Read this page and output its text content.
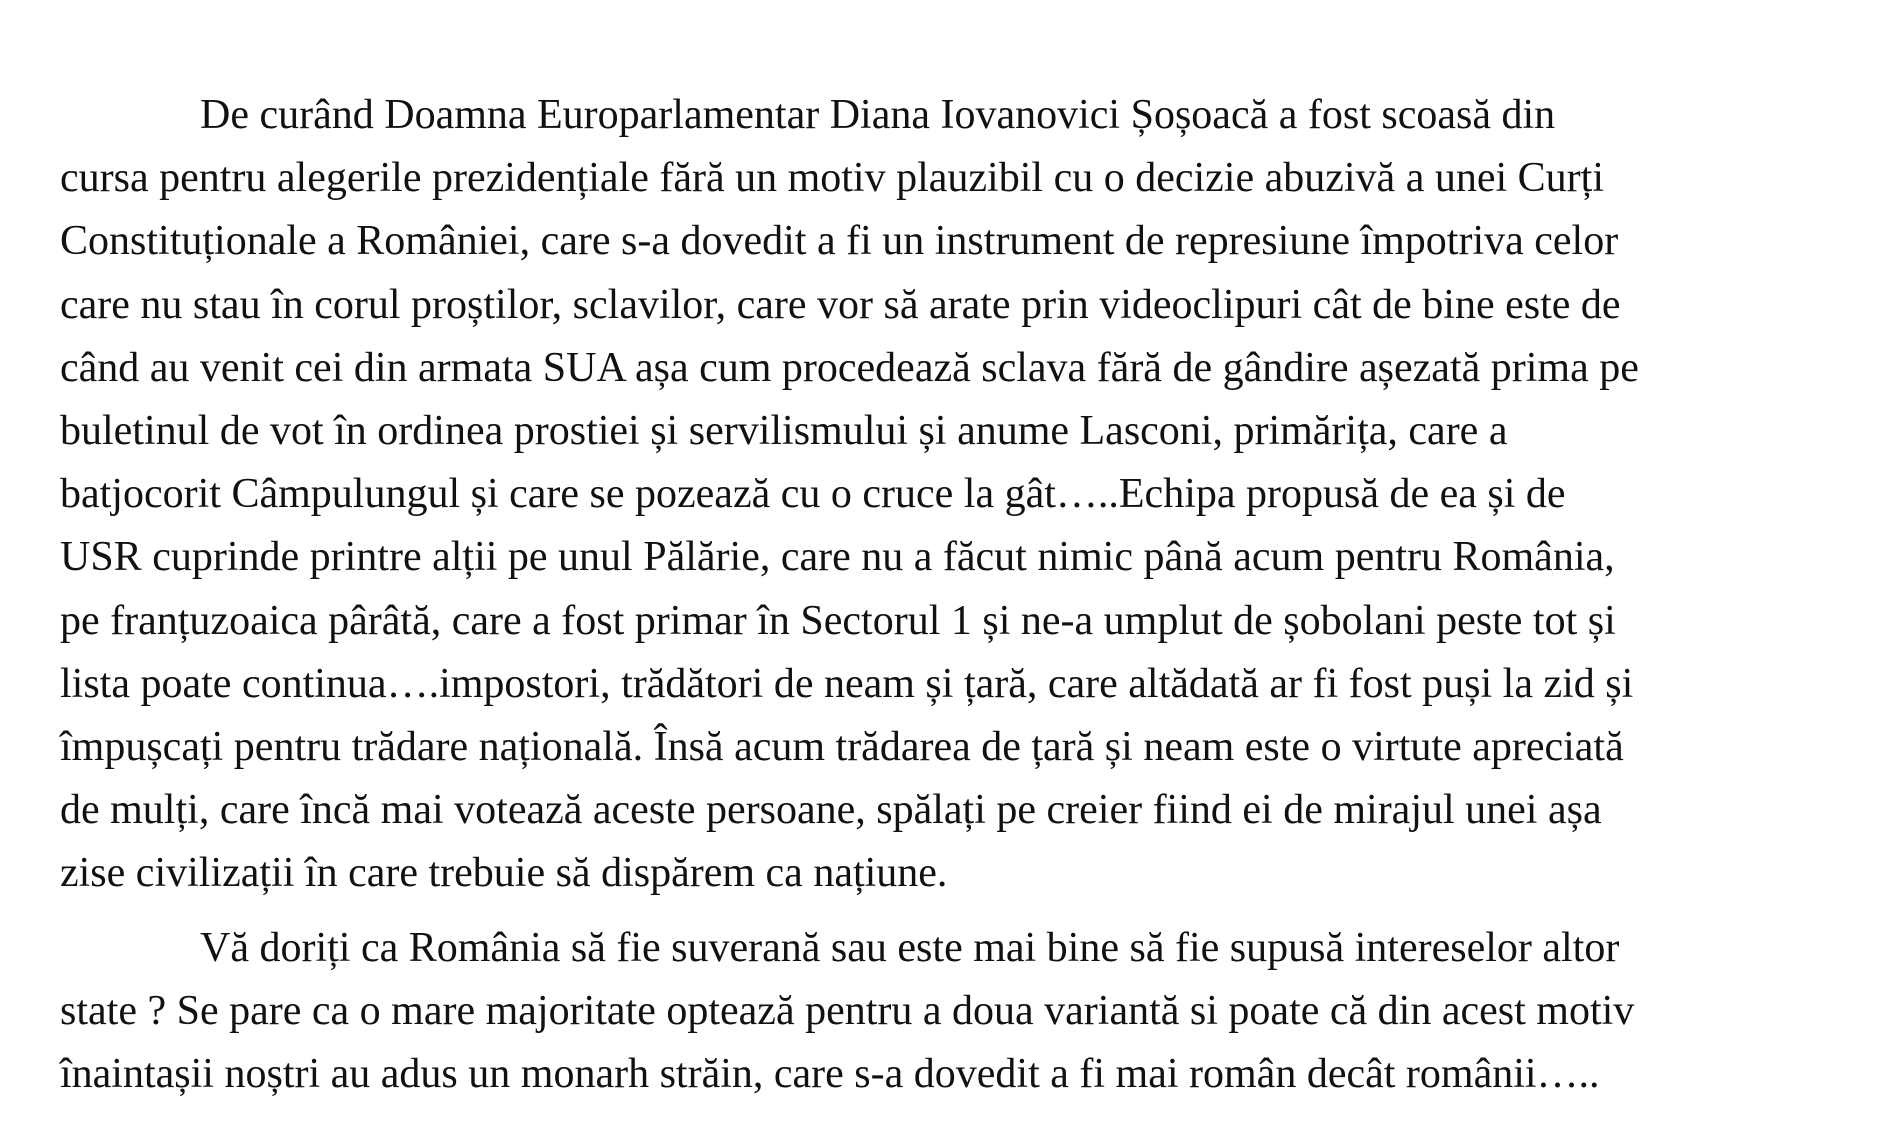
De curând Doamna Europarlamentar Diana Iovanovici Șoșoacă a fost scoasă din
cursa pentru alegerile prezidențiale fără un motiv plauzibil cu o decizie abuzivă a unei Curți
Constituționale a României, care s-a dovedit a fi un instrument de represiune împotriva celor
care nu stau în corul proștilor, sclavilor, care vor să arate prin videoclipuri cât de bine este de
când au venit cei din armata SUA așa cum procedează sclava fără de gândire așezată prima pe
buletinul de vot în ordinea prostiei și servilismului și anume Lasconi, primărița, care a
batjocorit Câmpulungul și care se pozează cu o cruce la gât…..Echipa propusă de ea și de
USR cuprinde printre alții pe unul Pălărie, care nu a făcut nimic până acum pentru România,
pe franțuzoaica pârâtă, care a fost primar în Sectorul 1 și ne-a umplut de șobolani peste tot și
lista poate continua….impostori, trădători de neam și țară, care altădată ar fi fost puși la zid și
împușcați pentru trădare națională. Însă acum trădarea de țară și neam este o virtute apreciată
de mulți, care încă mai votează aceste persoane, spălați pe creier fiind ei de mirajul unei așa
zise civilizații în care trebuie să dispărem ca națiune.
Vă doriți ca România să fie suverană sau este mai bine să fie supusă intereselor altor
state ? Se pare ca o mare majoritate optează pentru a doua variantă si poate că din acest motiv
înaintașii noștri au adus un monarh străin, care s-a dovedit a fi mai român decât românii…..
